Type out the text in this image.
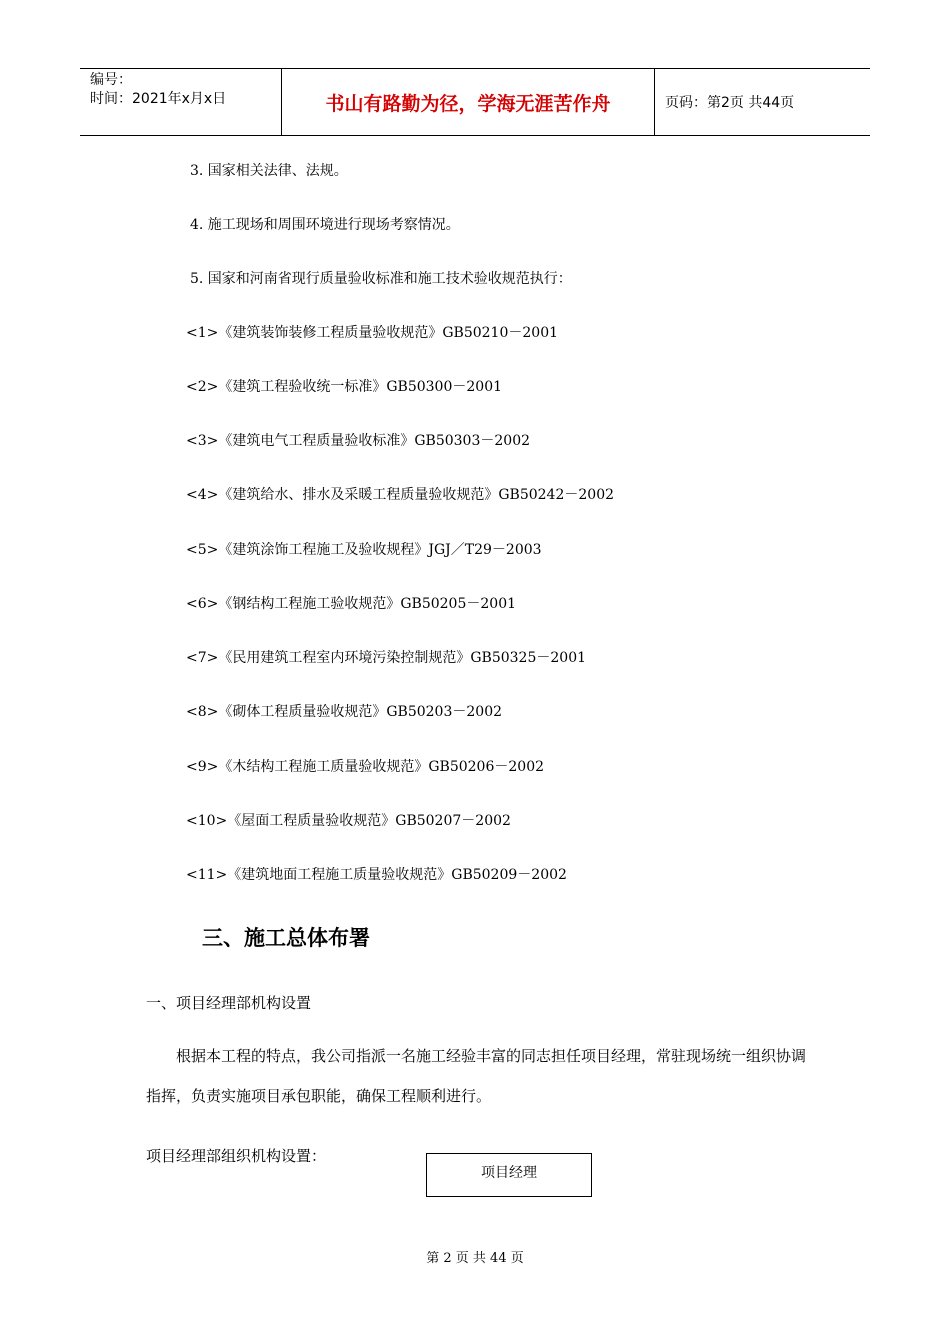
编号：
时间：2021年x月x日	书山有路勤为径，学海无涯苦作舟	页码：第2页 共44页
3. 国家相关法律、法规。
4. 施工现场和周围环境进行现场考察情况。
5. 国家和河南省现行质量验收标准和施工技术验收规范执行：
<1>《建筑装饰装修工程质量验收规范》GB50210－2001
<2>《建筑工程验收统一标准》GB50300－2001
<3>《建筑电气工程质量验收标准》GB50303－2002
<4>《建筑给水、排水及采暖工程质量验收规范》GB50242－2002
<5>《建筑涂饰工程施工及验收规程》JGJ／T29－2003
<6>《钢结构工程施工验收规范》GB50205－2001
<7>《民用建筑工程室内环境污染控制规范》GB50325－2001
<8>《砌体工程质量验收规范》GB50203－2002
<9>《木结构工程施工质量验收规范》GB50206－2002
<10>《屋面工程质量验收规范》GB50207－2002
<11>《建筑地面工程施工质量验收规范》GB50209－2002
三、施工总体布署
一、项目经理部机构设置
根据本工程的特点，我公司指派一名施工经验丰富的同志担任项目经理，常驻现场统一组织协调指挥，负责实施项目承包职能，确保工程顺利进行。
项目经理部组织机构设置：
项目经理
第 2 页 共 44 页
